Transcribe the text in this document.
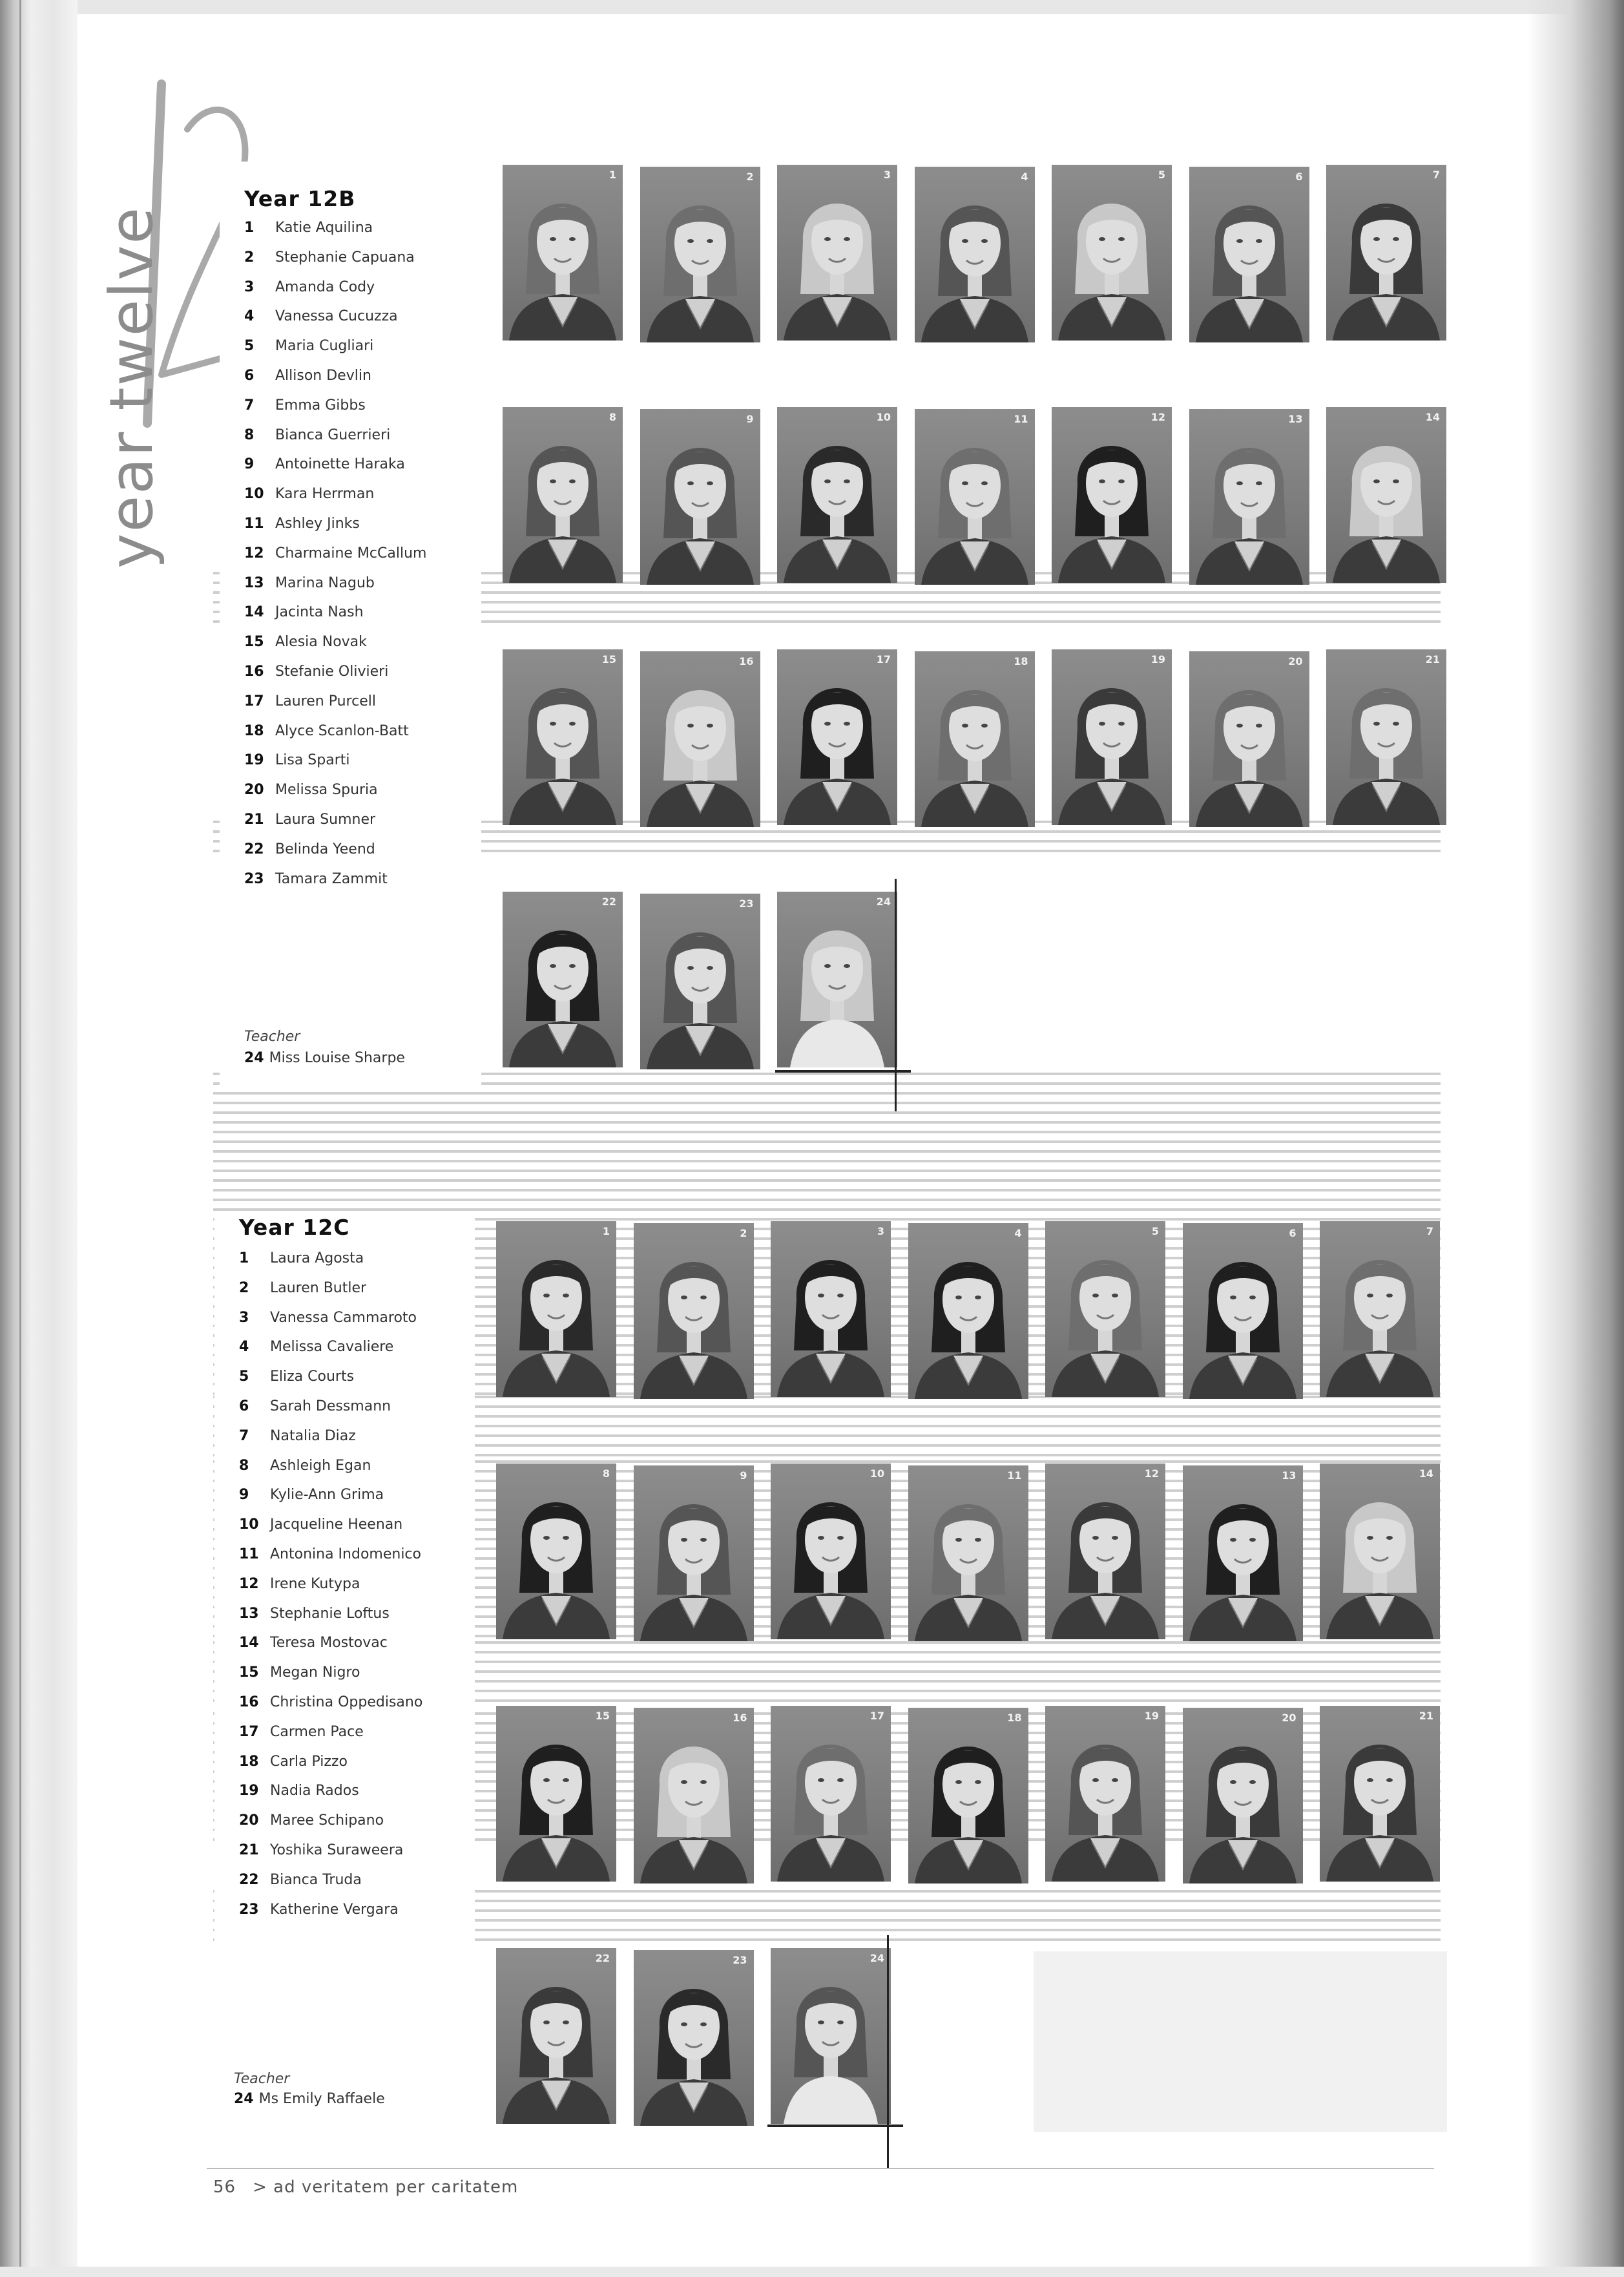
year twelve
Year 12B
1 Katie Aquilina
2 Stephanie Capuana
3 Amanda Cody
4 Vanessa Cucuzza
5 Maria Cugliari
6 Allison Devlin
7 Emma Gibbs
8 Bianca Guerrieri
9 Antoinette Haraka
10 Kara Herrman
11 Ashley Jinks
12 Charmaine McCallum
13 Marina Nagub
14 Jacinta Nash
15 Alesia Novak
16 Stefanie Olivieri
17 Lauren Purcell
18 Alyce Scanlon-Batt
19 Lisa Sparti
20 Melissa Spuria
21 Laura Sumner
22 Belinda Yeend
23 Tamara Zammit
Teacher
24 Miss Louise Sharpe
Year 12C
1 Laura Agosta
2 Lauren Butler
3 Vanessa Cammaroto
4 Melissa Cavaliere
5 Eliza Courts
6 Sarah Dessmann
7 Natalia Diaz
8 Ashleigh Egan
9 Kylie-Ann Grima
10 Jacqueline Heenan
11 Antonina Indomenico
12 Irene Kutypa
13 Stephanie Loftus
14 Teresa Mostovac
15 Megan Nigro
16 Christina Oppedisano
17 Carmen Pace
18 Carla Pizzo
19 Nadia Rados
20 Maree Schipano
21 Yoshika Suraweera
22 Bianca Truda
23 Katherine Vergara
Teacher
24 Ms Emily Raffaele
1	2	3	4	5	6	7
8	9	10	11	12	13	14
15	16	17	18	19	20	21
22	23	24
1	2	3	4	5	6	7
8	9	10	11	12	13	14
15	16	17	18	19	20	21
22	23	24
56 > ad veritatem per caritatem
